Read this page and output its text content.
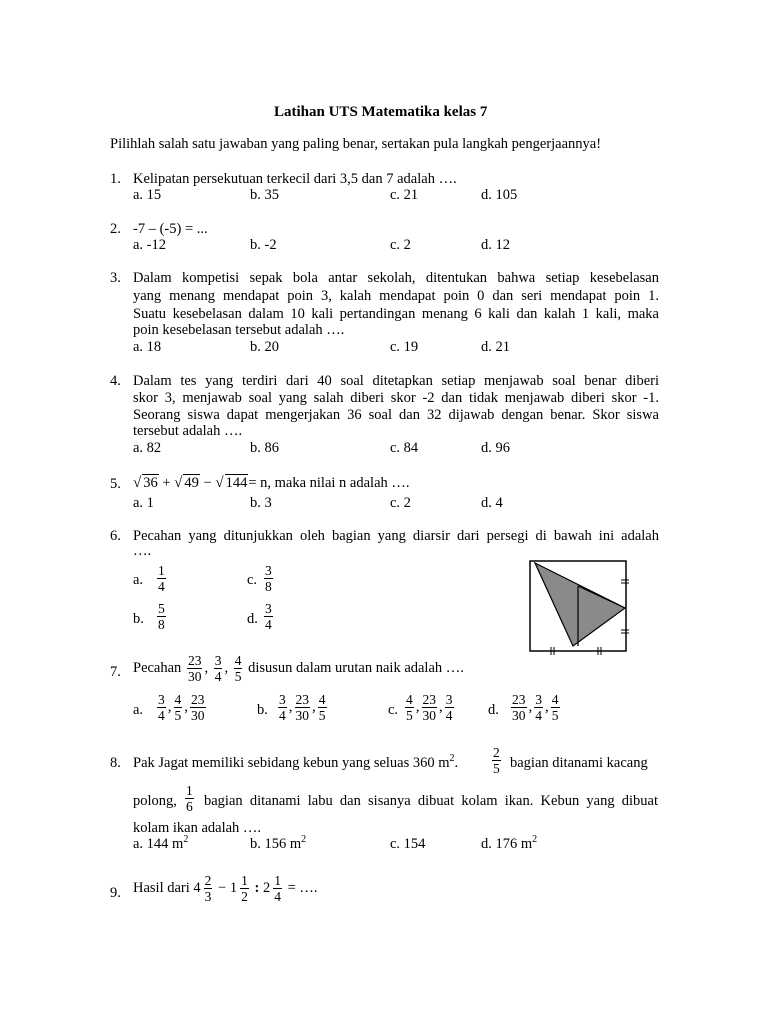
Latihan UTS Matematika kelas 7
Pilihlah salah satu jawaban yang paling benar, sertakan pula langkah pengerjaannya!
1. Kelipatan persekutuan terkecil dari 3,5 dan 7 adalah ….
a. 15	b. 35	c. 21	d. 105
2. -7 – (-5) = ...
a. -12	b. -2	c. 2	d. 12
3. Dalam kompetisi sepak bola antar sekolah, ditentukan bahwa setiap kesebelasan
yang menang mendapat poin 3, kalah mendapat poin 0 dan seri mendapat poin 1.
Suatu kesebelasan dalam 10 kali pertandingan menang 6 kali dan kalah 1 kali, maka
poin kesebelasan tersebut adalah ….
a. 18	b. 20	c. 19	d. 21
4. Dalam tes yang terdiri dari 40 soal ditetapkan setiap menjawab soal benar diberi
skor 3, menjawab soal yang salah diberi skor -2 dan tidak menjawab diberi skor -1.
Seorang siswa dapat mengerjakan 36 soal dan 32 dijawab dengan benar. Skor siswa
tersebut adalah ….
a. 82	b. 86	c. 84	d. 96
5. √ 36 + √ 49 − √ 144= n, maka nilai n adalah ….
a. 1	b. 3	c. 2	d. 4
6. Pecahan yang ditunjukkan oleh bagian yang diarsir dari persegi di bawah ini adalah
….
a. $\frac{1}{4}$
b. $\frac{5}{8}$
c. $\frac{3}{8}$
d. $\frac{3}{4}$
7. Pecahan $\frac{23}{30}$ , $\frac{3}{4}$ , $\frac{4}{5}$ disusun dalam urutan naik adalah ….
a. $\frac{3}{4}$ , $\frac{4}{5}$ , $\frac{23}{30}$	b. $\frac{3}{4}$ , $\frac{23}{30}$ , $\frac{4}{5}$	c. $\frac{4}{5}$ , $\frac{23}{30}$ , $\frac{3}{4} d$. $\frac{23}{30}$ , $\frac{3}{4}$ , $\frac{4}{5}$
8. Pak Jagat memiliki sebidang kebun yang seluas 360 $m^2$.	$\frac{2}{5}$ bagian ditanami kacang
polong, $\frac{1}{6}$ bagian ditanami labu dan sisanya dibuat kolam ikan. Kebun yang dibuat
kolam ikan adalah ….
a. 144 $m^2$	b. 156 $m^2$	c. 154	d. 176 $m^2$
9. Hasil dari $4 \frac{2}{3} - 1 \frac{1}{2}$ : $2 \frac{1}{4}$ = ….
